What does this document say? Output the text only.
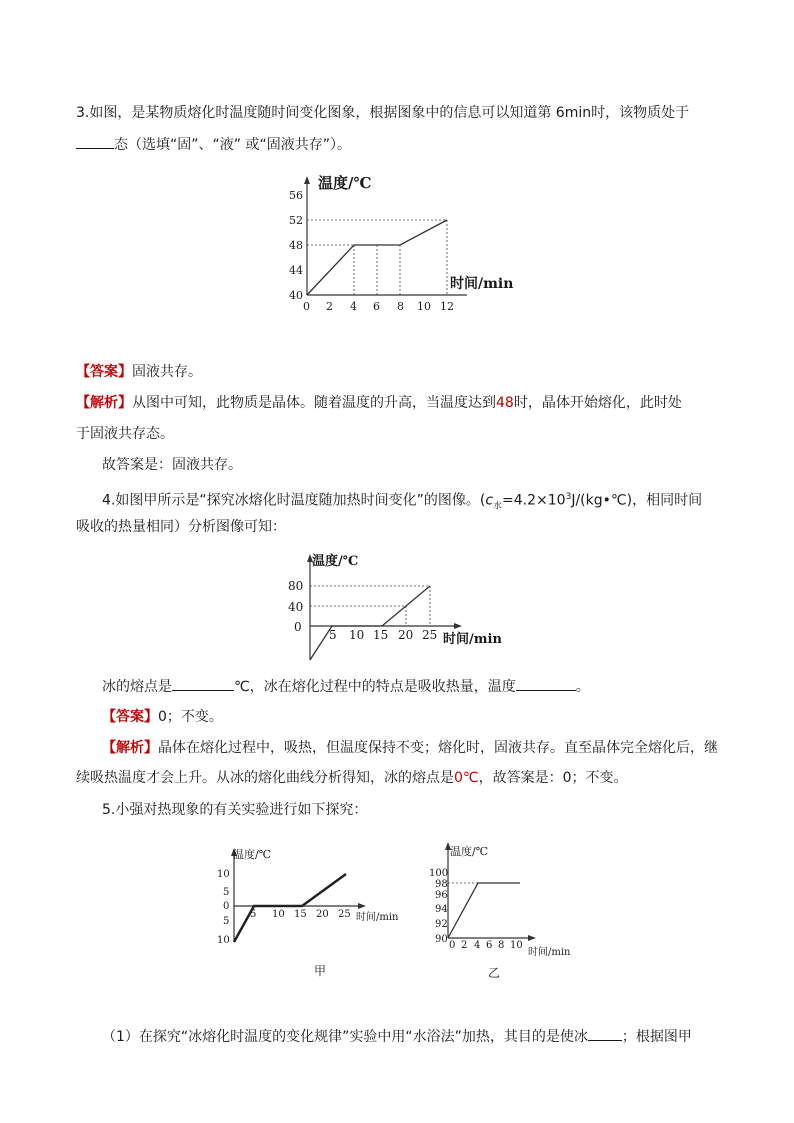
3.如图，是某物质熔化时温度随时间变化图象，根据图象中的信息可以知道第 6min时，该物质处于
态（选填“固”、“液” 或“固液共存”）。
温度/℃
时间/min
40
44
48
52
56
0 2 4 6 8 10 12
【答案】固液共存。
【解析】从图中可知，此物质是晶体。随着温度的升高，当温度达到48时，晶体开始熔化，此时处
于固液共存态。
故答案是：固液共存。
4.如图甲所示是“探究冰熔化时温度随加热时间变化”的图像。($c_水=4.2\times 10^3J/(kg•℃)$，相同时间
吸收的热量相同）分析图像可知：
温度/℃
时间/min
0
40
80
5 10 15 20 25
冰的熔点是	℃，冰在熔化过程中的特点是吸收热量，温度	。
【答案】0；不变。
【解析】晶体在熔化过程中，吸热，但温度保持不变；熔化时，固液共存。直至晶体完全熔化后，继
续吸热温度才会上升。从冰的熔化曲线分析得知，冰的熔点是0℃，故答案是：0；不变。
5.小强对热现象的有关实验进行如下探究：
温度/℃
时间/min
10
5
0
5
10
5 10 15 20 25
甲
温度/℃
时间/min
90
92
94
96
98
100
0 2 4 6 8 10
乙
（1）在探究“冰熔化时温度的变化规律”实验中用“水浴法”加热，其目的是使冰 ；根据图甲
